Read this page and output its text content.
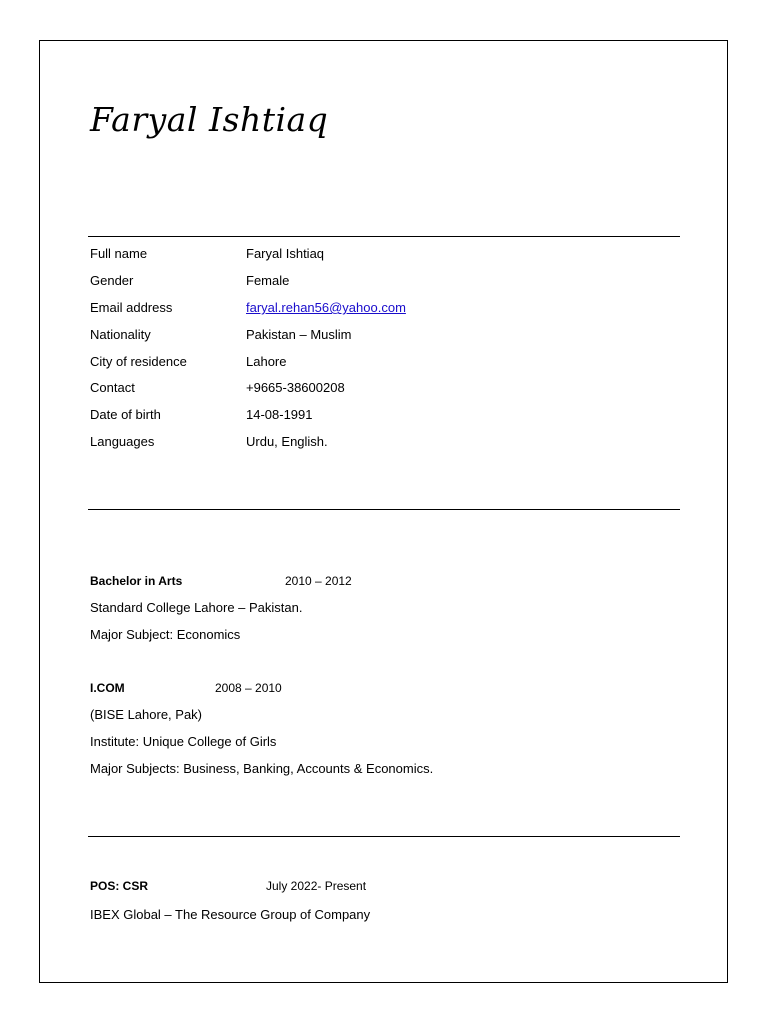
Faryal Ishtiaq
Full name	Faryal Ishtiaq
Gender	Female
Email address	faryal.rehan56@yahoo.com
Nationality	Pakistan – Muslim
City of residence	Lahore
Contact	+9665-38600208
Date of birth	14-08-1991
Languages	Urdu, English.
Bachelor in Arts	2010 – 2012
Standard College Lahore – Pakistan.
Major Subject: Economics
I.COM	2008 – 2010
(BISE Lahore, Pak)
Institute: Unique College of Girls
Major Subjects: Business, Banking, Accounts & Economics.
POS: CSR	July 2022- Present
IBEX Global – The Resource Group of Company
